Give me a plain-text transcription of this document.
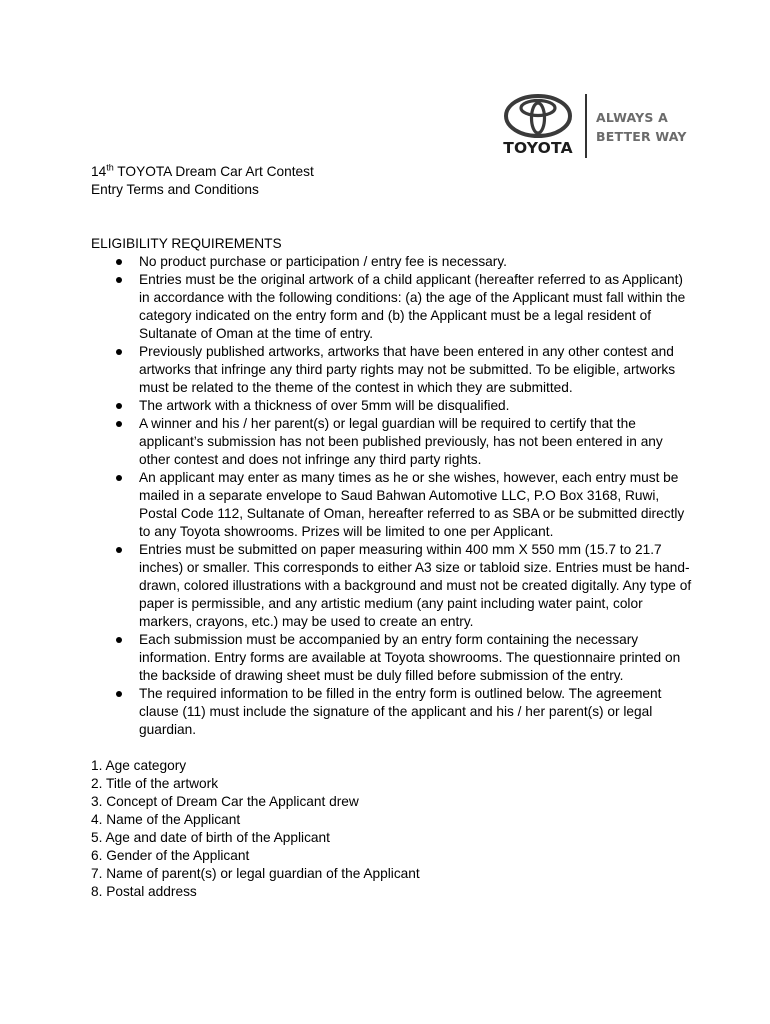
TOYOTA
ALWAYS A
BETTER WAY
14th TOYOTA Dream Car Art Contest
Entry Terms and Conditions
ELIGIBILITY REQUIREMENTS
No product purchase or participation / entry fee is necessary.
Entries must be the original artwork of a child applicant (hereafter referred to as Applicant) in accordance with the following conditions: (a) the age of the Applicant must fall within the category indicated on the entry form and (b) the Applicant must be a legal resident of Sultanate of Oman at the time of entry.
Previously published artworks, artworks that have been entered in any other contest and artworks that infringe any third party rights may not be submitted. To be eligible, artworks must be related to the theme of the contest in which they are submitted.
The artwork with a thickness of over 5mm will be disqualified.
A winner and his / her parent(s) or legal guardian will be required to certify that the applicant’s submission has not been published previously, has not been entered in any other contest and does not infringe any third party rights.
An applicant may enter as many times as he or she wishes, however, each entry must be mailed in a separate envelope to Saud Bahwan Automotive LLC, P.O Box 3168, Ruwi, Postal Code 112, Sultanate of Oman, hereafter referred to as SBA or be submitted directly to any Toyota showrooms. Prizes will be limited to one per Applicant.
Entries must be submitted on paper measuring within 400 mm X 550 mm (15.7 to 21.7 inches) or smaller. This corresponds to either A3 size or tabloid size. Entries must be hand-drawn, colored illustrations with a background and must not be created digitally. Any type of paper is permissible, and any artistic medium (any paint including water paint, color markers, crayons, etc.) may be used to create an entry.
Each submission must be accompanied by an entry form containing the necessary information. Entry forms are available at Toyota showrooms. The questionnaire printed on the backside of drawing sheet must be duly filled before submission of the entry.
The required information to be filled in the entry form is outlined below. The agreement clause (11) must include the signature of the applicant and his / her parent(s) or legal guardian.
1. Age category
2. Title of the artwork
3. Concept of Dream Car the Applicant drew
4. Name of the Applicant
5. Age and date of birth of the Applicant
6. Gender of the Applicant
7. Name of parent(s) or legal guardian of the Applicant
8. Postal address
